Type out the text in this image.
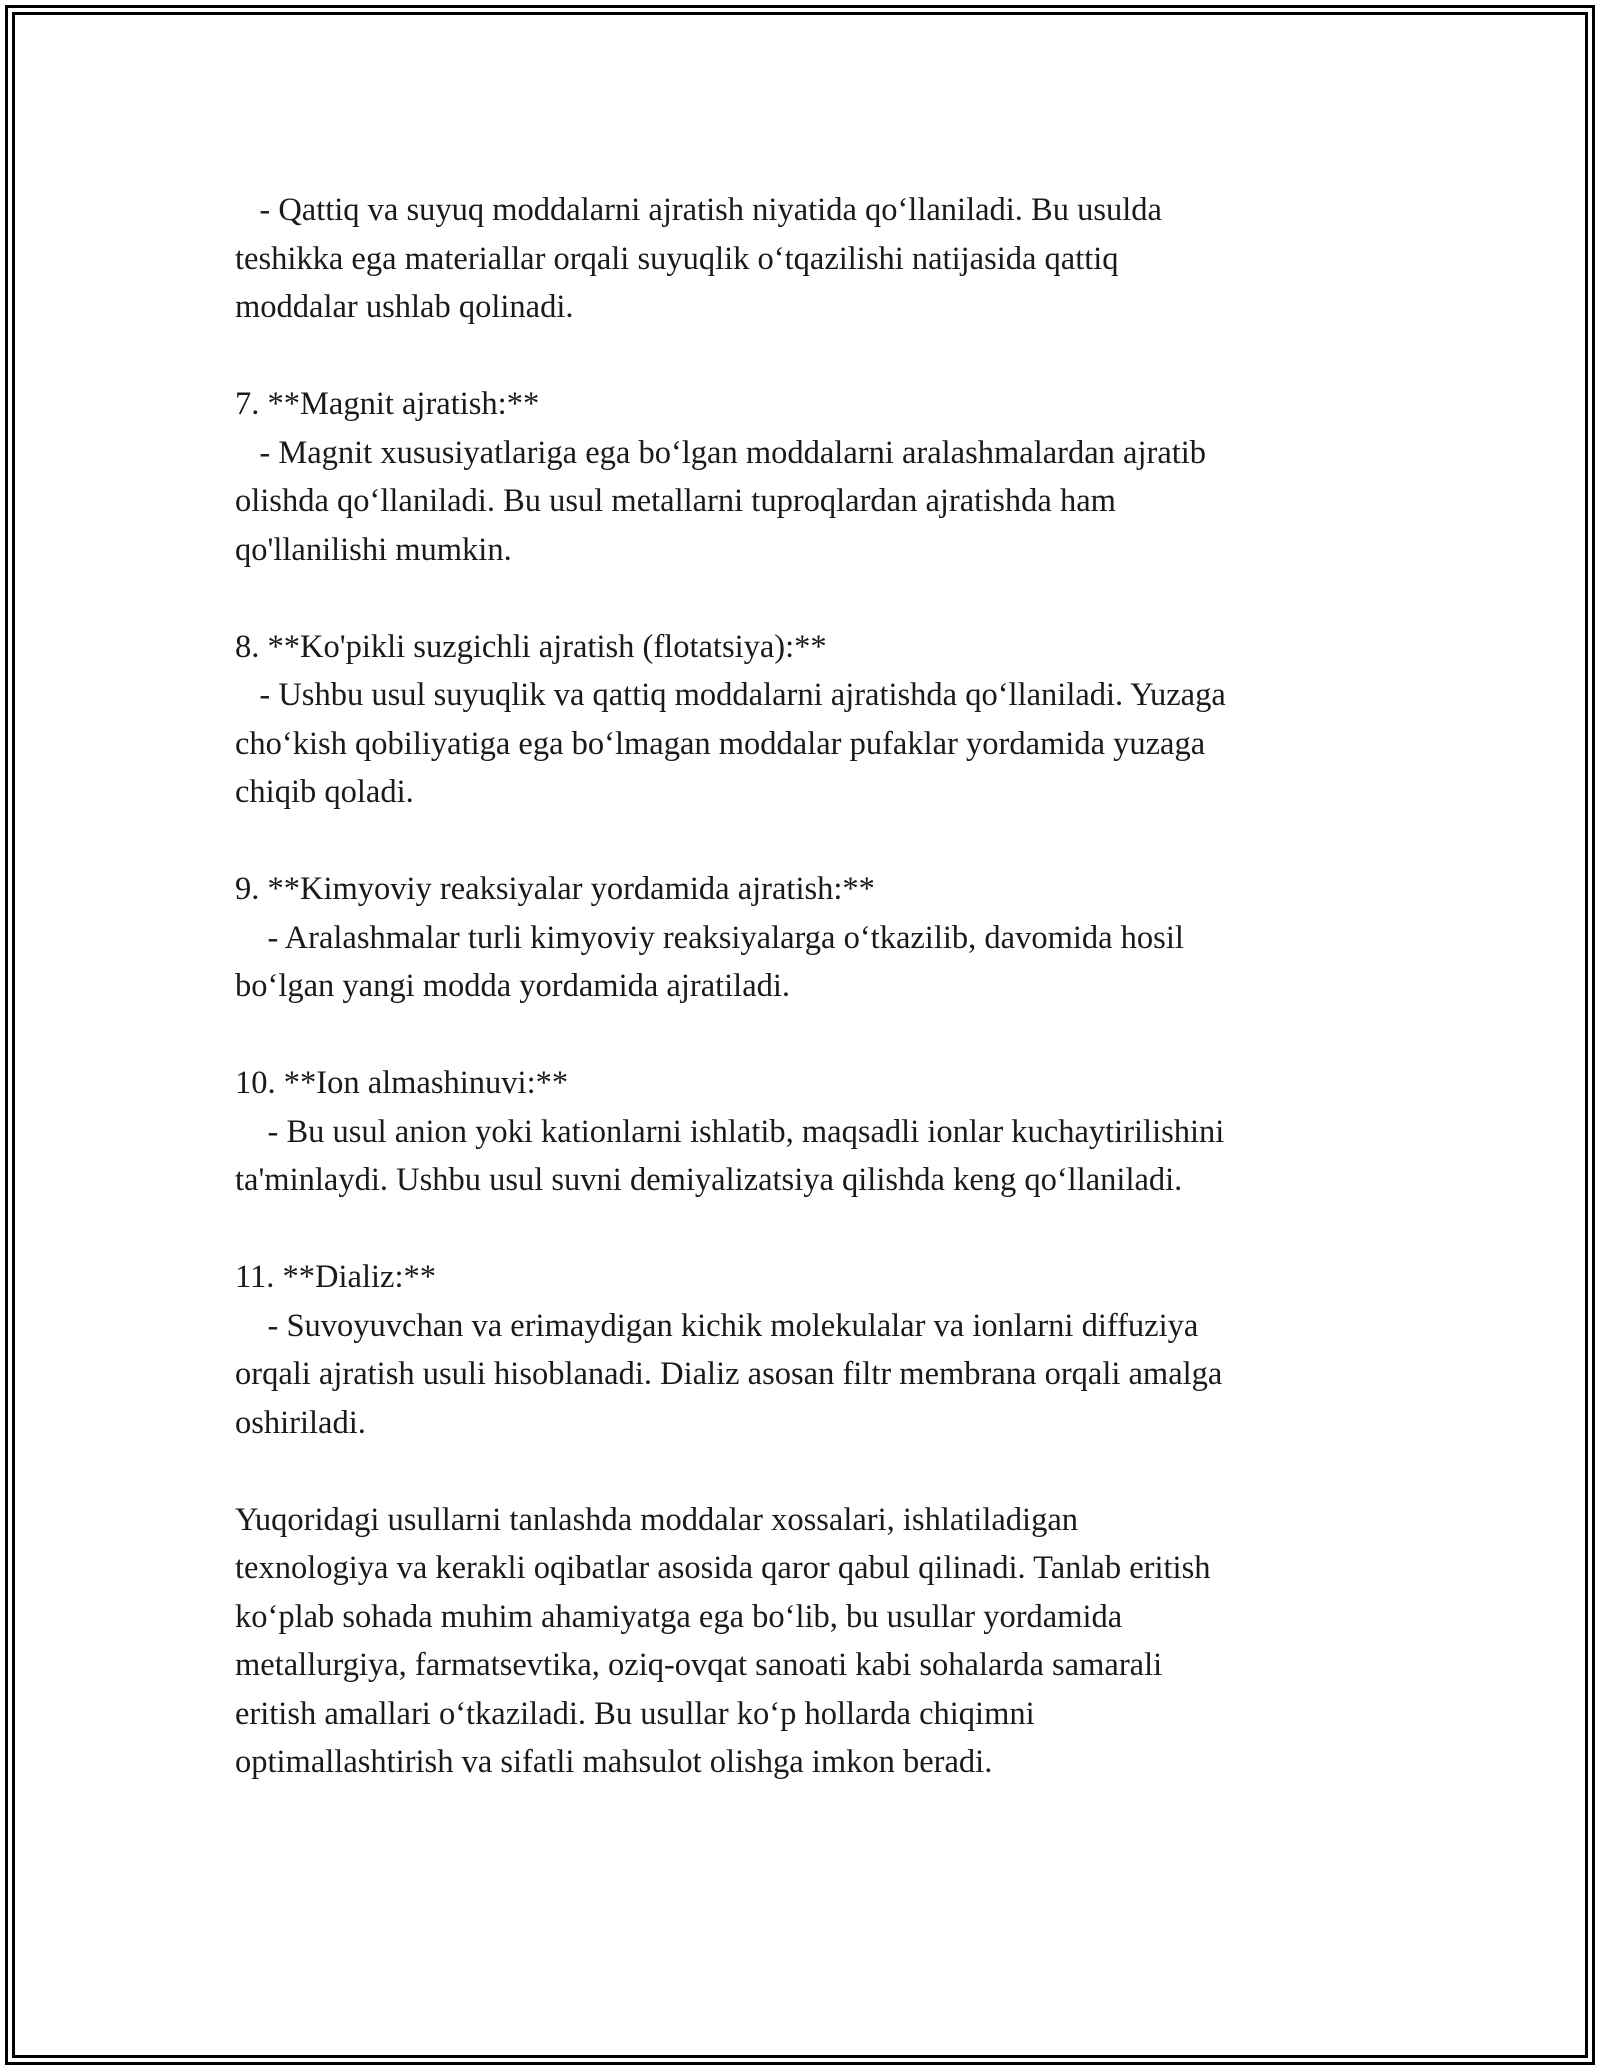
- Qattiq va suyuq moddalarni ajratish niyatida qo‘llaniladi. Bu usulda
teshikka ega materiallar orqali suyuqlik o‘tqazilishi natijasida qattiq
moddalar ushlab qolinadi.
7. **Magnit ajratish:**
- Magnit xususiyatlariga ega bo‘lgan moddalarni aralashmalardan ajratib
olishda qo‘llaniladi. Bu usul metallarni tuproqlardan ajratishda ham
qo'llanilishi mumkin.
8. **Ko'pikli suzgichli ajratish (flotatsiya):**
- Ushbu usul suyuqlik va qattiq moddalarni ajratishda qo‘llaniladi. Yuzaga
cho‘kish qobiliyatiga ega bo‘lmagan moddalar pufaklar yordamida yuzaga
chiqib qoladi.
9. **Kimyoviy reaksiyalar yordamida ajratish:**
- Aralashmalar turli kimyoviy reaksiyalarga o‘tkazilib, davomida hosil
bo‘lgan yangi modda yordamida ajratiladi.
10. **Ion almashinuvi:**
- Bu usul anion yoki kationlarni ishlatib, maqsadli ionlar kuchaytirilishini
ta'minlaydi. Ushbu usul suvni demiyalizatsiya qilishda keng qo‘llaniladi.
11. **Dializ:**
- Suvoyuvchan va erimaydigan kichik molekulalar va ionlarni diffuziya
orqali ajratish usuli hisoblanadi. Dializ asosan filtr membrana orqali amalga
oshiriladi.
Yuqoridagi usullarni tanlashda moddalar xossalari, ishlatiladigan
texnologiya va kerakli oqibatlar asosida qaror qabul qilinadi. Tanlab eritish
ko‘plab sohada muhim ahamiyatga ega bo‘lib, bu usullar yordamida
metallurgiya, farmatsevtika, oziq-ovqat sanoati kabi sohalarda samarali
eritish amallari o‘tkaziladi. Bu usullar ko‘p hollarda chiqimni
optimallashtirish va sifatli mahsulot olishga imkon beradi.
